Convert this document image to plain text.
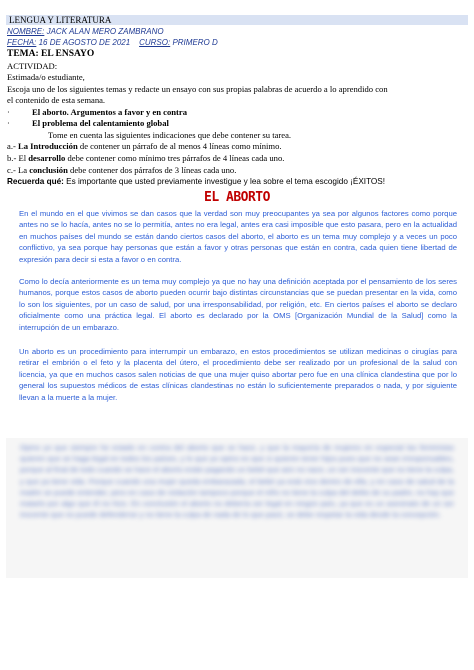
LENGUA Y LITERATURA
NOMBRE: JACK ALAN MERO ZAMBRANO
FECHA: 16 DE AGOSTO DE 2021 CURSO: PRIMERO D
TEMA: EL ENSAYO
ACTIVIDAD:
Estimada/o estudiante,
Escoja uno de los siguientes temas y redacte un ensayo con sus propias palabras de acuerdo a lo aprendido con
el contenido de esta semana.
·	El aborto. Argumentos a favor y en contra
·	El problema del calentamiento global
Tome en cuenta las siguientes indicaciones que debe contener su tarea.
a.- La Introducción de contener un párrafo de al menos 4 líneas como mínimo.
b.- El desarrollo debe contener como mínimo tres párrafos de 4 líneas cada uno.
c.- La conclusión debe contener dos párrafos de 3 líneas cada uno.
Recuerda qué: Es importante que usted previamente investigue y lea sobre el tema escogido ¡ÉXITOS!
EL ABORTO
En el mundo en el que vivimos se dan casos que la verdad son muy preocupantes ya sea por algunos factores como porque antes no se lo hacía, antes no se lo permitía, antes no era legal, antes era casi imposible que esto pasara, pero en la actualidad en muchos países del mundo se están dando ciertos casos del aborto, el aborto es un tema muy complejo y a veces un poco conflictivo, ya sea porque hay personas que están a favor y otras personas que están en contra, cada quien tiene libertad de expresión para decir si esta a favor o en contra.
Como lo decía anteriormente es un tema muy complejo ya que no hay una definición aceptada por el pensamiento de los seres humanos, porque estos casos de aborto pueden ocurrir bajo distintas circunstancias que se puedan presentar en la vida, como lo son los siguientes, por un caso de salud, por una irresponsabilidad, por religión, etc. En ciertos países el aborto se declaro oficialmente como una práctica legal. El aborto es declarado por la OMS [Organización Mundial de la Salud] como la interrupción de un embarazo.
Un aborto es un procedimiento para interrumpir un embarazo, en estos procedimientos se utilizan medicinas o cirugías para retirar el embrión o el feto y la placenta del útero, el procedimiento debe ser realizado por un profesional de la salud con licencia, ya que en muchos casos salen noticias de que una mujer quiso abortar pero fue en una clínica clandestina que por lo general los supuestos médicos de estas clínicas clandestinas no están lo suficientemente preparados o nada, y por siguiente llevan a la muerte a la mujer.
Opino yo que siempre he estado en contra del aborto que se hace, y que la mayoría de mujeres en especial las feministas quieren que se haga legal en todos los países, y lo que yo opino es que si quieren tener hijos pues que no sean irresponsables, porque al final de todo cuando se hace el aborto están pagando un bebé que aún no nace, un ser inocente que no tiene la culpa, y que ya tiene vida. Porque cuando una mujer queda embarazada, el bebé ya está vivo dentro de ella, y en caso de salud de la madre se puede entender, pero en caso de violación tampoco porque el niño no tiene la culpa del delito de su padre, no hay que matarlo por algo que él no hizo. En conclusión el aborto no debería ser legal en ningún país, ya que es un asesinato de un ser inocente que no puede defenderse y no tiene la culpa de nada de lo que pasó, se debe respetar la vida desde la concepción.
